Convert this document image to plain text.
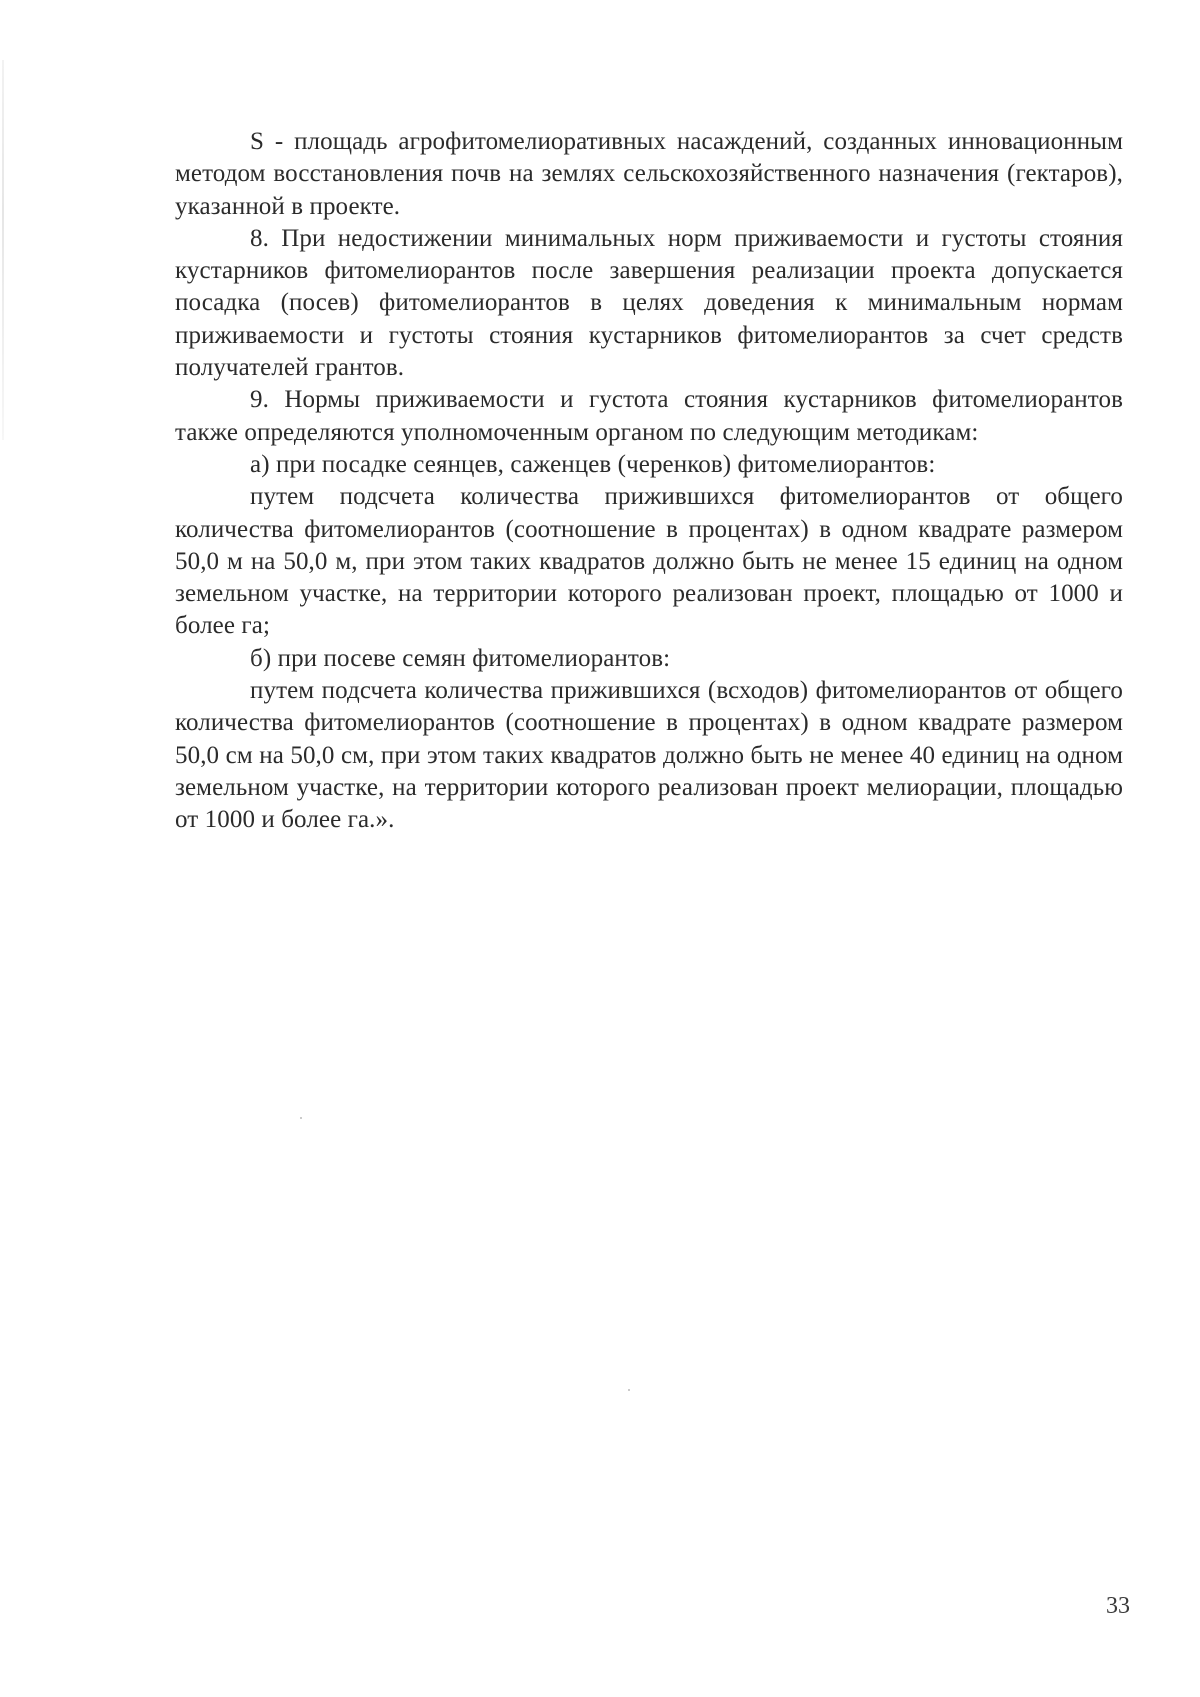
S - площадь агрофитомелиоративных насаждений, созданных инновационным методом восстановления почв на землях сельскохозяйственного назначения (гектаров), указанной в проекте.

8. При недостижении минимальных норм приживаемости и густоты стояния кустарников фитомелиорантов после завершения реализации проекта допускается посадка (посев) фитомелиорантов в целях доведения к минимальным нормам приживаемости и густоты стояния кустарников фитомелиорантов за счет средств получателей грантов.

9. Нормы приживаемости и густота стояния кустарников фитомелиорантов также определяются уполномоченным органом по следующим методикам:

а) при посадке сеянцев, саженцев (черенков) фитомелиорантов:

путем подсчета количества прижившихся фитомелиорантов от общего количества фитомелиорантов (соотношение в процентах) в одном квадрате размером 50,0 м на 50,0 м, при этом таких квадратов должно быть не менее 15 единиц на одном земельном участке, на территории которого реализован проект, площадью от 1000 и более га;

б) при посеве семян фитомелиорантов:

путем подсчета количества прижившихся (всходов) фитомелиорантов от общего количества фитомелиорантов (соотношение в процентах) в одном квадрате размером 50,0 см на 50,0 см, при этом таких квадратов должно быть не менее 40 единиц на одном земельном участке, на территории которого реализован проект мелиорации, площадью от 1000 и более га.».

33
